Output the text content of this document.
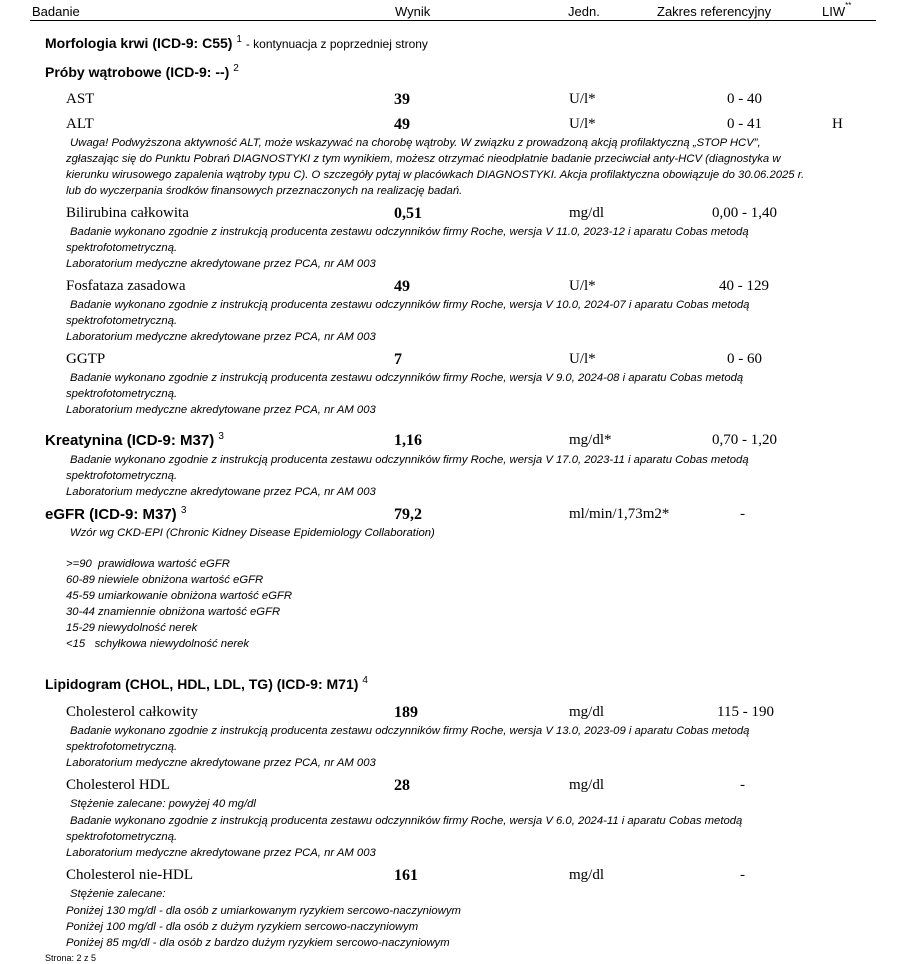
Badanie	Wynik	Jedn.	Zakres referencyjny	LIW**
Morfologia krwi (ICD-9: C55) $^1$ - kontynuacja z poprzedniej strony
Próby wątrobowe (ICD-9: --) $^2$
AST	39	U/l*	0 - 40
ALT	49	U/l*	0 - 41	H
Uwaga! Podwyższona aktywność ALT, może wskazywać na chorobę wątroby. W związku z prowadzoną akcją profilaktyczną „STOP HCV”,
zgłaszając się do Punktu Pobrań DIAGNOSTYKI z tym wynikiem, możesz otrzymać nieodpłatnie badanie przeciwciał anty-HCV (diagnostyka w
kierunku wirusowego zapalenia wątroby typu C). O szczegóły pytaj w placówkach DIAGNOSTYKI. Akcja profilaktyczna obowiązuje do 30.06.2025 r.
lub do wyczerpania środków finansowych przeznaczonych na realizację badań.
Bilirubina całkowita	0,51	mg/dl	0,00 - 1,40
Badanie wykonano zgodnie z instrukcją producenta zestawu odczynników firmy Roche, wersja V 11.0, 2023-12 i aparatu Cobas metodą
spektrofotometryczną.
Laboratorium medyczne akredytowane przez PCA, nr AM 003
Fosfataza zasadowa	49	U/l*	40 - 129
Badanie wykonano zgodnie z instrukcją producenta zestawu odczynników firmy Roche, wersja V 10.0, 2024-07 i aparatu Cobas metodą
spektrofotometryczną.
Laboratorium medyczne akredytowane przez PCA, nr AM 003
GGTP	7	U/l*	0 - 60
Badanie wykonano zgodnie z instrukcją producenta zestawu odczynników firmy Roche, wersja V 9.0, 2024-08 i aparatu Cobas metodą
spektrofotometryczną.
Laboratorium medyczne akredytowane przez PCA, nr AM 003
Kreatynina (ICD-9: M37) $^3$	1,16	mg/dl*	0,70 - 1,20
Badanie wykonano zgodnie z instrukcją producenta zestawu odczynników firmy Roche, wersja V 17.0, 2023-11 i aparatu Cobas metodą
spektrofotometryczną.
Laboratorium medyczne akredytowane przez PCA, nr AM 003
eGFR (ICD-9: M37) $^3$	79,2	ml/min/1,73m2*	-
Wzór wg CKD-EPI (Chronic Kidney Disease Epidemiology Collaboration)
>=90  prawidłowa wartość eGFR
60-89 niewiele obniżona wartość eGFR
45-59 umiarkowanie obniżona wartość eGFR
30-44 znamiennie obniżona wartość eGFR
15-29 niewydolność nerek
<15   schyłkowa niewydolność nerek
Lipidogram (CHOL, HDL, LDL, TG) (ICD-9: M71) $^4$
Cholesterol całkowity	189	mg/dl	115 - 190
Badanie wykonano zgodnie z instrukcją producenta zestawu odczynników firmy Roche, wersja V 13.0, 2023-09 i aparatu Cobas metodą
spektrofotometryczną.
Laboratorium medyczne akredytowane przez PCA, nr AM 003
Cholesterol HDL	28	mg/dl	-
Stężenie zalecane: powyżej 40 mg/dl
Badanie wykonano zgodnie z instrukcją producenta zestawu odczynników firmy Roche, wersja V 6.0, 2024-11 i aparatu Cobas metodą
spektrofotometryczną.
Laboratorium medyczne akredytowane przez PCA, nr AM 003
Cholesterol nie-HDL	161	mg/dl	-
Stężenie zalecane:
Poniżej 130 mg/dl - dla osób z umiarkowanym ryzykiem sercowo-naczyniowym
Poniżej 100 mg/dl - dla osób z dużym ryzykiem sercowo-naczyniowym
Poniżej 85 mg/dl - dla osób z bardzo dużym ryzykiem sercowo-naczyniowym
Strona: 2 z 5
